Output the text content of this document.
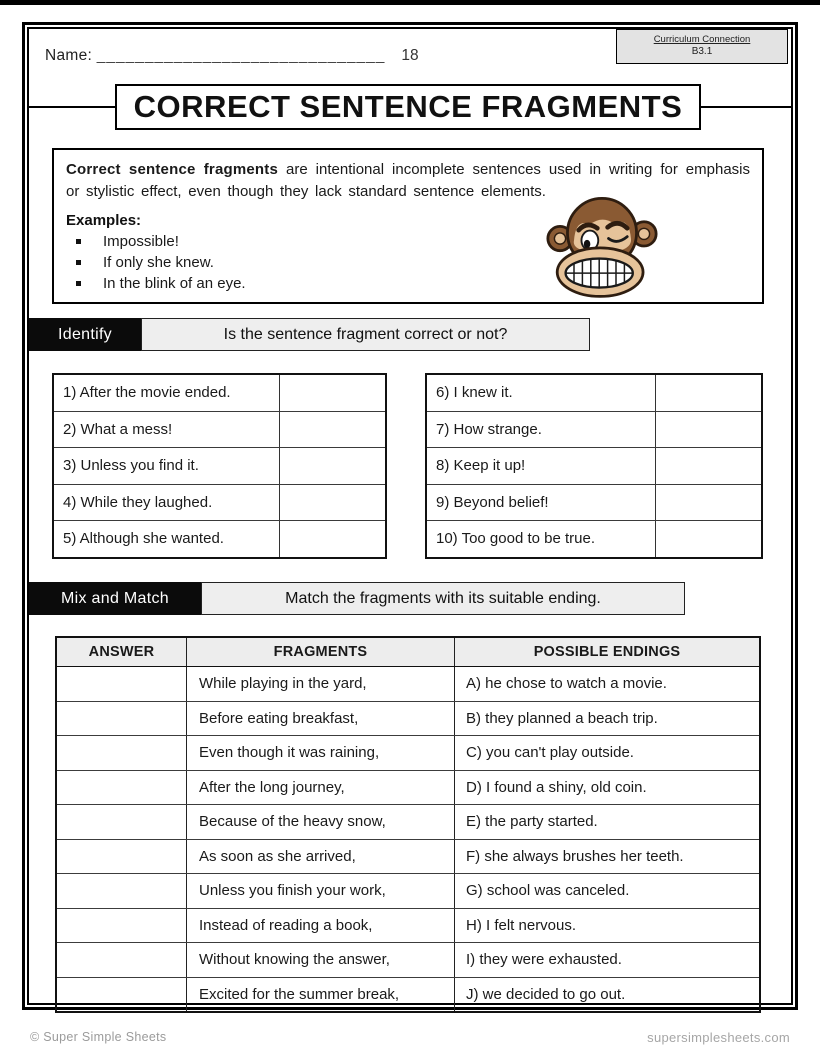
Name: ______________________________	18
Curriculum Connection
B3.1
CORRECT SENTENCE FRAGMENTS

Correct sentence fragments are intentional incomplete sentences used in writing for emphasis or stylistic effect, even though they lack standard sentence elements.

Examples:
Impossible!
If only she knew.
In the blink of an eye.
Identify	Is the sentence fragment correct or not?
1) After the movie ended.
2) What a mess!
3) Unless you find it.
4) While they laughed.
5) Although she wanted.
6) I knew it.
7) How strange.
8) Keep it up!
9) Beyond belief!
10) Too good to be true.
Mix and Match	Match the fragments with its suitable ending.
ANSWER	FRAGMENTS	POSSIBLE ENDINGS
While playing in the yard,	A) he chose to watch a movie.
Before eating breakfast,	B) they planned a beach trip.
Even though it was raining,	C) you can't play outside.
After the long journey,	D) I found a shiny, old coin.
Because of the heavy snow,	E) the party started.
As soon as she arrived,	F) she always brushes her teeth.
Unless you finish your work,	G) school was canceled.
Instead of reading a book,	H) I felt nervous.
Without knowing the answer,	I) they were exhausted.
Excited for the summer break,	J) we decided to go out.
© Super Simple Sheets	supersimplesheets.com
